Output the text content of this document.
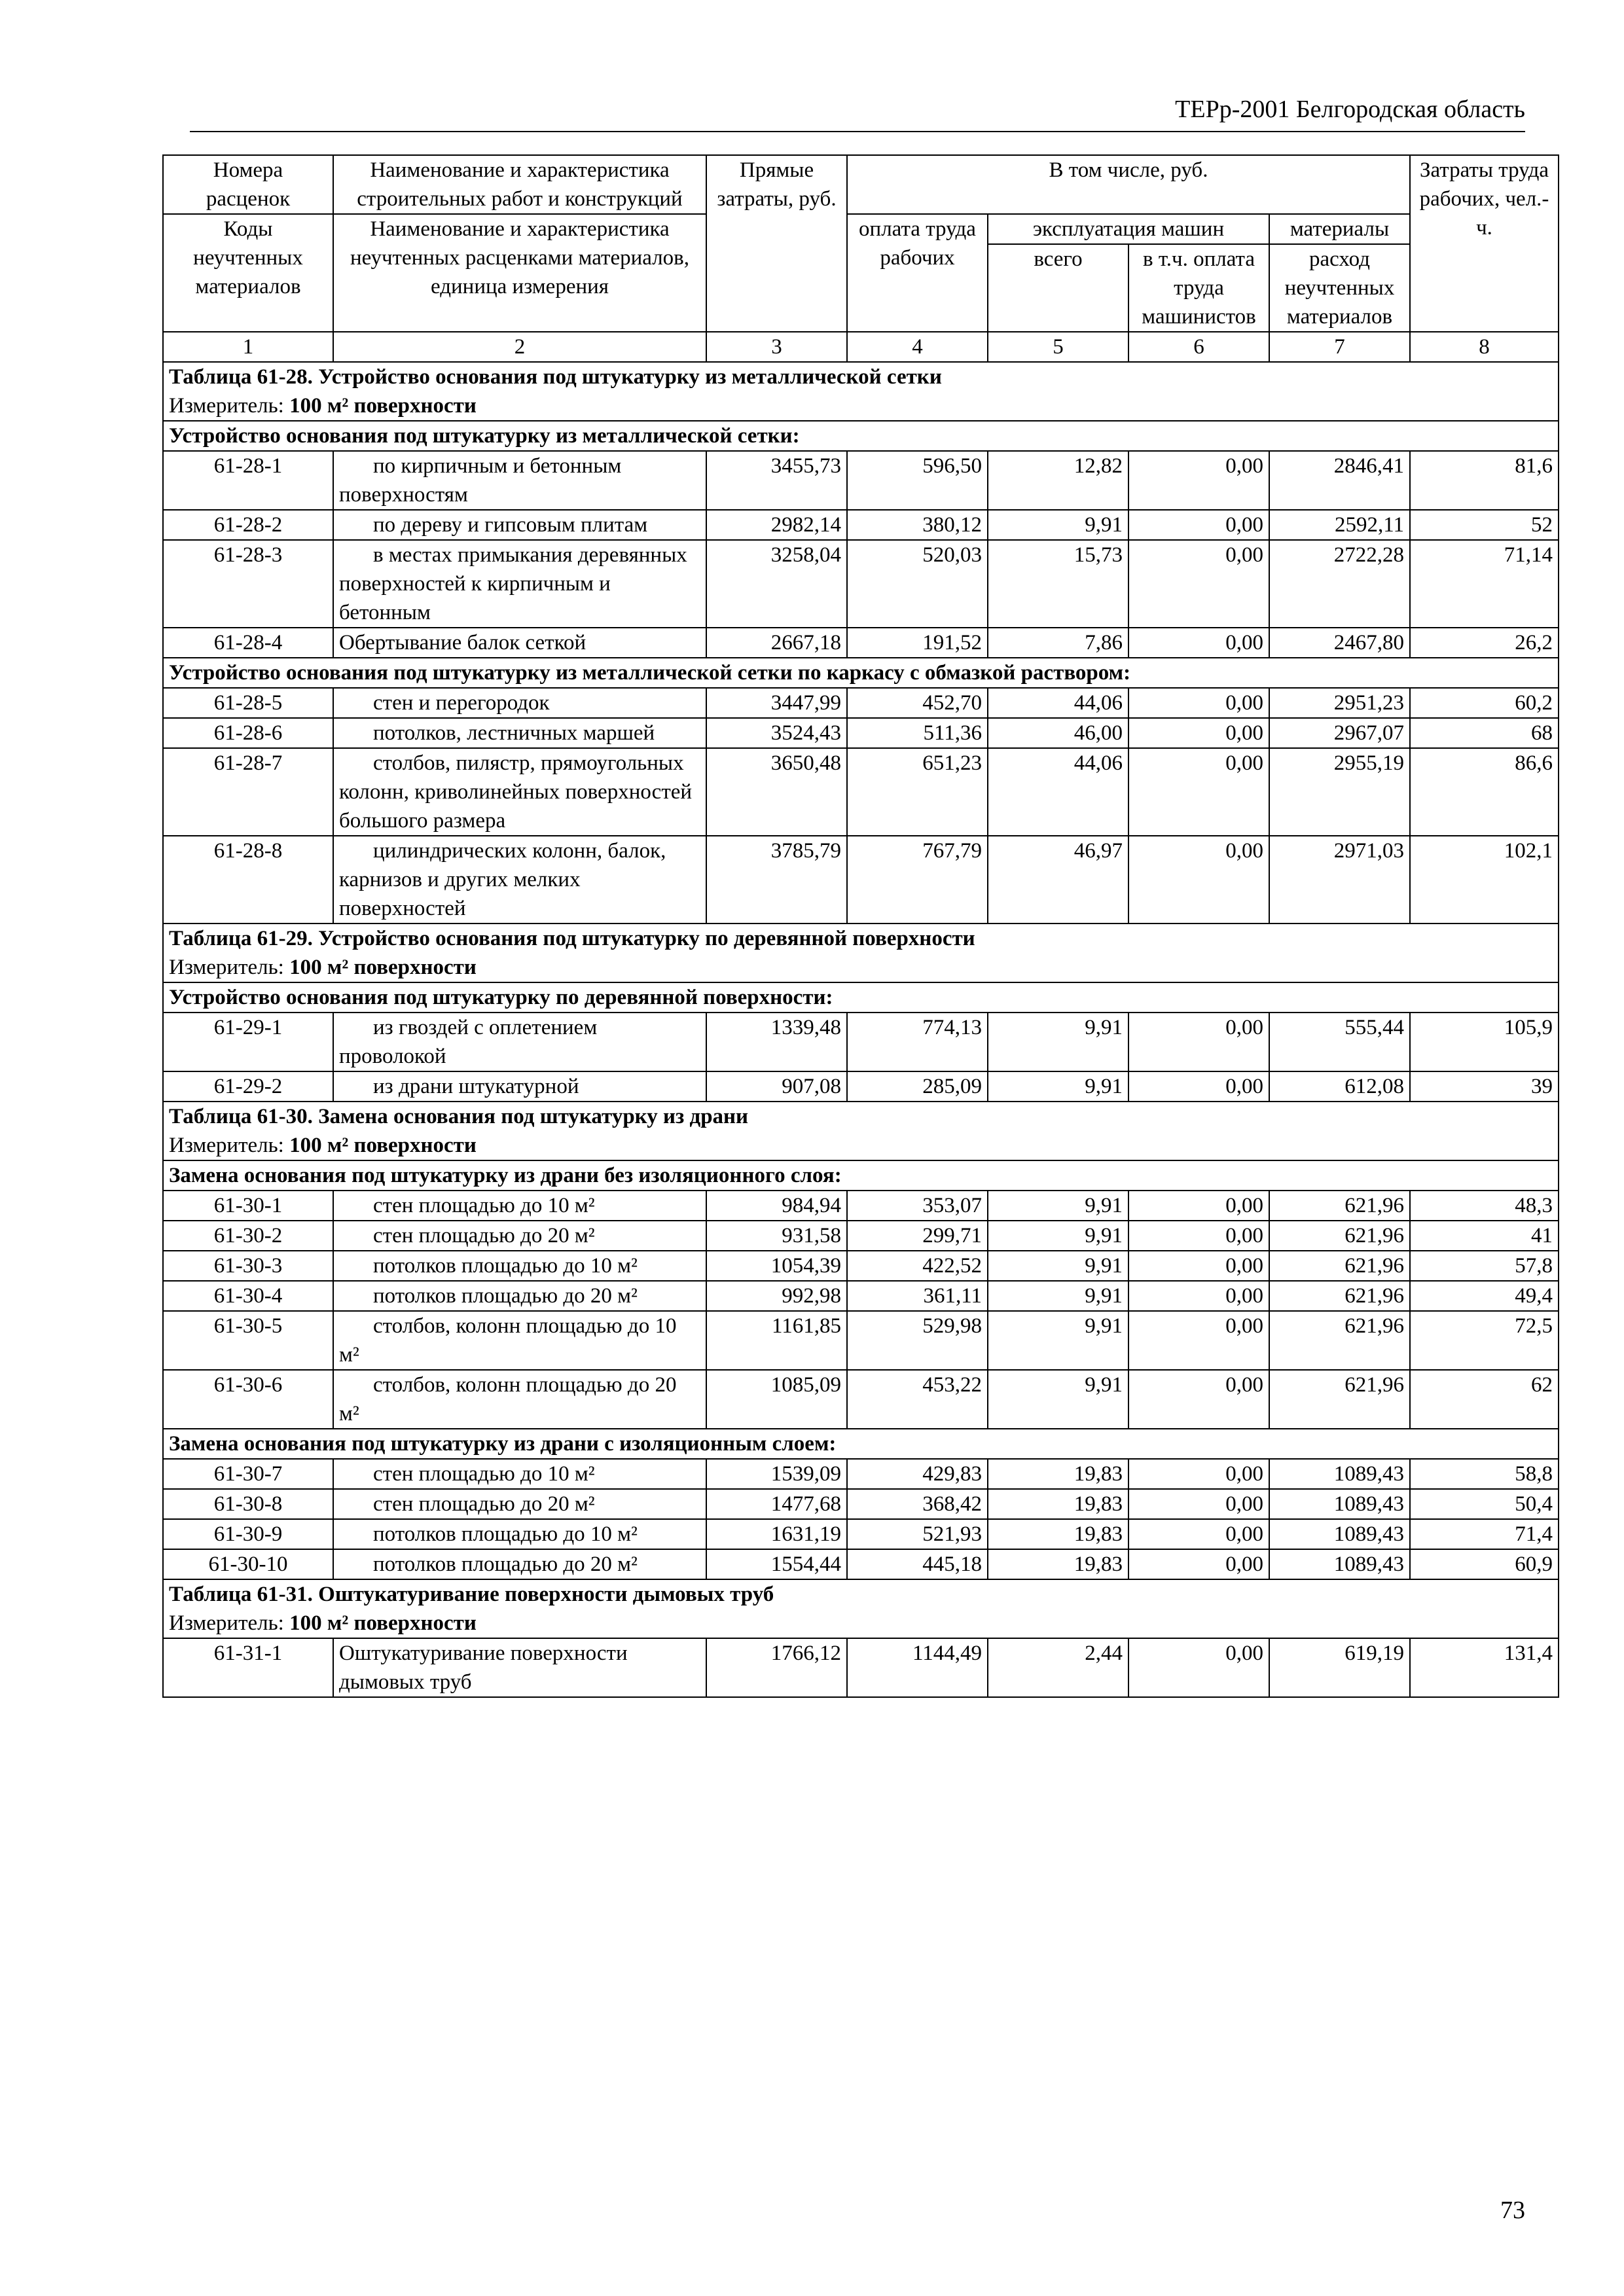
ТЕРр-2001 Белгородская область
Номера расценок	Наименование и характеристика строительных работ и конструкций	Прямые затраты, руб.	В том числе, руб.				Затраты труда рабочих, чел.-ч.
Коды неучтенных материалов	Наименование и характеристика неучтенных расценками материалов, единица измерения		оплата труда рабочих	эксплуатация машин		материалы	
				всего	в т.ч. оплата труда машинистов	расход неучтенных материалов	
1	2	3	4	5	6	7	8
Таблица 61-28. Устройство основания под штукатурку из металлической сетки							
Измеритель: 100 м² поверхности							
Устройство основания под штукатурку из металлической сетки:							
61-28-1	по кирпичным и бетонным поверхностям	3455,73	596,50	12,82	0,00	2846,41	81,6
61-28-2	по дереву и гипсовым плитам	2982,14	380,12	9,91	0,00	2592,11	52
61-28-3	в местах примыкания деревянных поверхностей к кирпичным и бетонным	3258,04	520,03	15,73	0,00	2722,28	71,14
61-28-4	Обертывание балок сеткой	2667,18	191,52	7,86	0,00	2467,80	26,2
Устройство основания под штукатурку из металлической сетки по каркасу с обмазкой раствором:							
61-28-5	стен и перегородок	3447,99	452,70	44,06	0,00	2951,23	60,2
61-28-6	потолков, лестничных маршей	3524,43	511,36	46,00	0,00	2967,07	68
61-28-7	столбов, пилястр, прямоугольных колонн, криволинейных поверхностей большого размера	3650,48	651,23	44,06	0,00	2955,19	86,6
61-28-8	цилиндрических колонн, балок, карнизов и других мелких поверхностей	3785,79	767,79	46,97	0,00	2971,03	102,1
Таблица 61-29. Устройство основания под штукатурку по деревянной поверхности							
Измеритель: 100 м² поверхности							
Устройство основания под штукатурку по деревянной поверхности:							
61-29-1	из гвоздей с оплетением проволокой	1339,48	774,13	9,91	0,00	555,44	105,9
61-29-2	из драни штукатурной	907,08	285,09	9,91	0,00	612,08	39
Таблица 61-30. Замена основания под штукатурку из драни							
Измеритель: 100 м² поверхности							
Замена основания под штукатурку из драни без изоляционного слоя:							
61-30-1	стен площадью до 10 м²	984,94	353,07	9,91	0,00	621,96	48,3
61-30-2	стен площадью до 20 м²	931,58	299,71	9,91	0,00	621,96	41
61-30-3	потолков площадью до 10 м²	1054,39	422,52	9,91	0,00	621,96	57,8
61-30-4	потолков площадью до 20 м²	992,98	361,11	9,91	0,00	621,96	49,4
61-30-5	столбов, колонн площадью до 10 м²	1161,85	529,98	9,91	0,00	621,96	72,5
61-30-6	столбов, колонн площадью до 20 м²	1085,09	453,22	9,91	0,00	621,96	62
Замена основания под штукатурку из драни с изоляционным слоем:							
61-30-7	стен площадью до 10 м²	1539,09	429,83	19,83	0,00	1089,43	58,8
61-30-8	стен площадью до 20 м²	1477,68	368,42	19,83	0,00	1089,43	50,4
61-30-9	потолков площадью до 10 м²	1631,19	521,93	19,83	0,00	1089,43	71,4
61-30-10	потолков площадью до 20 м²	1554,44	445,18	19,83	0,00	1089,43	60,9
Таблица 61-31. Оштукатуривание поверхности дымовых труб							
Измеритель: 100 м² поверхности							
61-31-1	Оштукатуривание поверхности дымовых труб	1766,12	1144,49	2,44	0,00	619,19	131,4
73
